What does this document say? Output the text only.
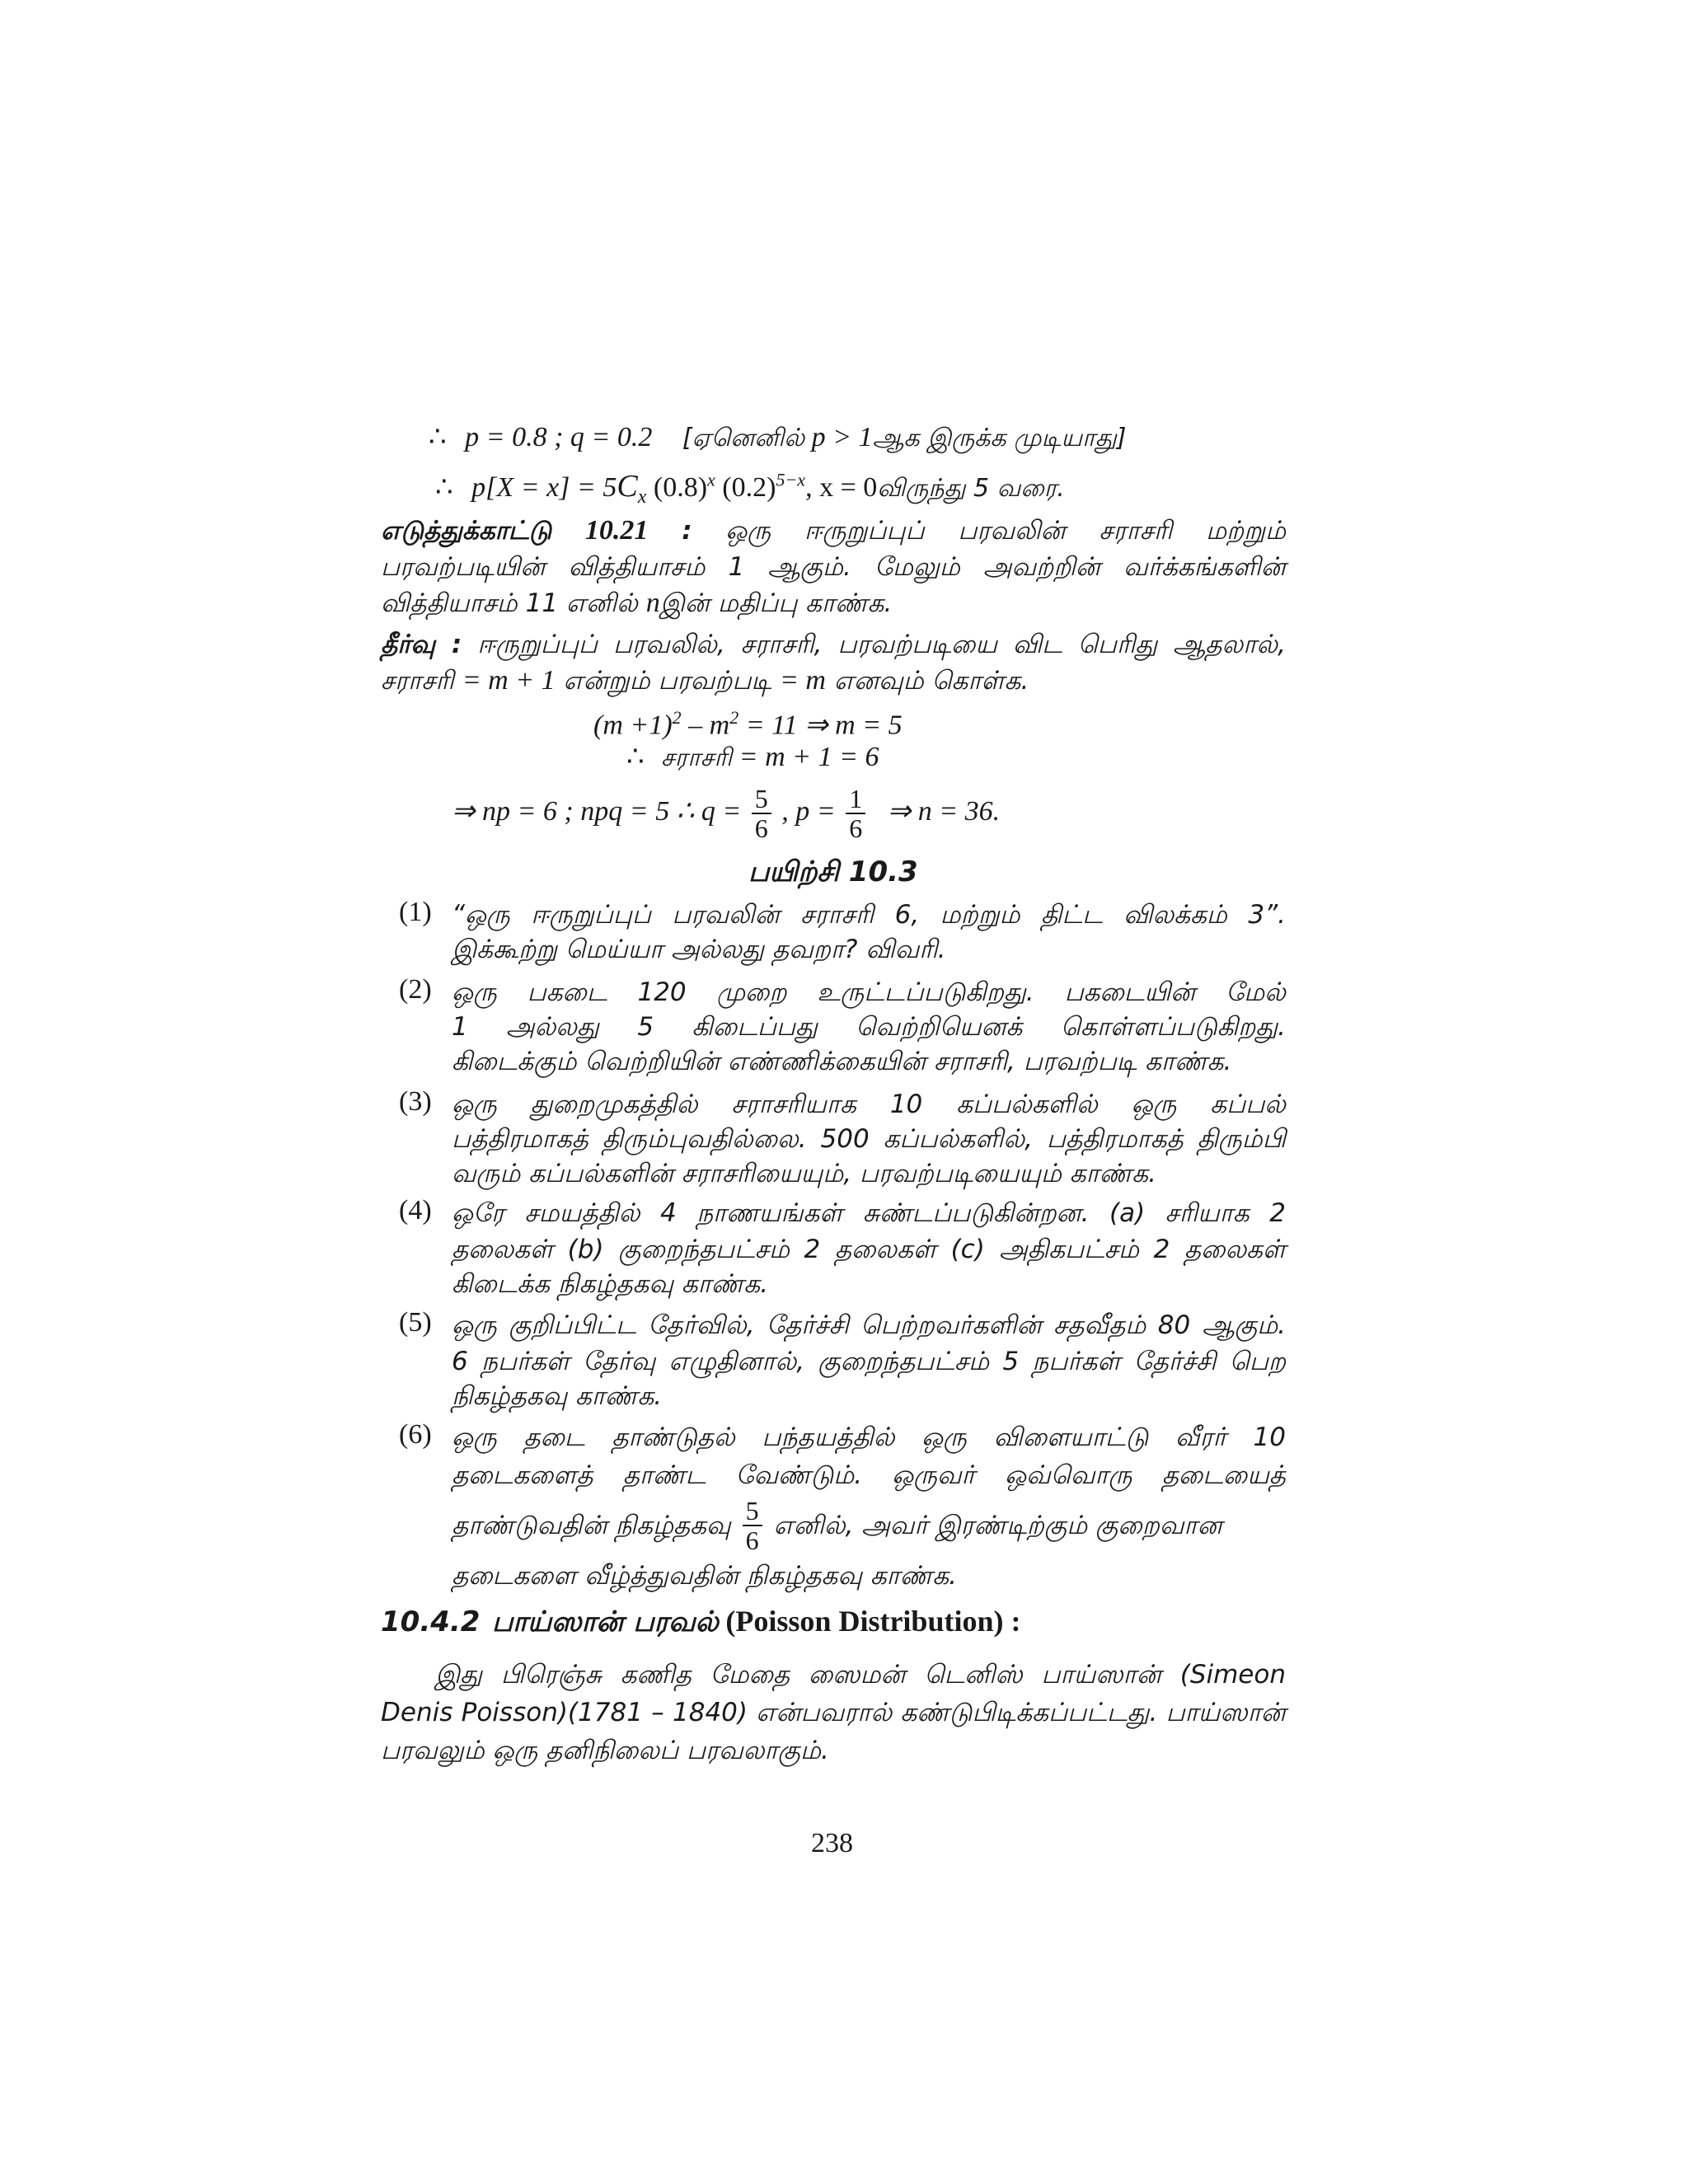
∴ p = 0.8 ; q = 0.2 [ஏனெனில் p > 1ஆக இருக்க முடியாது]
∴ $p[X = x] = 5C_x$ $(0.8)^x$ $(0.2)^{5-x}$, x = 0விருந்து 5 வரை.
எடுத்துக்காட்டு 10.21 : ஒரு ஈருறுப்புப் பரவலின் சராசரி மற்றும்
பரவற்படியின் வித்தியாசம் 1 ஆகும். மேலும் அவற்றின் வர்க்கங்களின்
வித்தியாசம் 11 எனில் nஇன் மதிப்பு காண்க.
தீர்வு : ஈருறுப்புப் பரவலில், சராசரி, பரவற்படியை விட பெரிது ஆதலால்,
சராசரி = m + 1 என்றும் பரவற்படி = m எனவும் கொள்க.
$(m +1)^2 - m^2 = 11$ ⇒ m = 5
∴ சராசரி = m + 1 = 6
⇒ np = 6 ; npq = 5 ∴ $q = \frac{5}{6}$ , $p = \frac{1}{6}$ ⇒ n = 36.
பயிற்சி 10.3
(1) “ஒரு ஈருறுப்புப் பரவலின் சராசரி 6, மற்றும் திட்ட விலக்கம் 3”.
இக்கூற்று மெய்யா அல்லது தவறா? விவரி.
(2) ஒரு பகடை 120 முறை உருட்டப்படுகிறது. பகடையின் மேல்
1 அல்லது 5 கிடைப்பது வெற்றியெனக் கொள்ளப்படுகிறது.
கிடைக்கும் வெற்றியின் எண்ணிக்கையின் சராசரி, பரவற்படி காண்க.
(3) ஒரு துறைமுகத்தில் சராசரியாக 10 கப்பல்களில் ஒரு கப்பல்
பத்திரமாகத் திரும்புவதில்லை. 500 கப்பல்களில், பத்திரமாகத் திரும்பி
வரும் கப்பல்களின் சராசரியையும், பரவற்படியையும் காண்க.
(4) ஒரே சமயத்தில் 4 நாணயங்கள் சுண்டப்படுகின்றன. (a) சரியாக 2
தலைகள் (b) குறைந்தபட்சம் 2 தலைகள் (c) அதிகபட்சம் 2 தலைகள்
கிடைக்க நிகழ்தகவு காண்க.
(5) ஒரு குறிப்பிட்ட தேர்வில், தேர்ச்சி பெற்றவர்களின் சதவீதம் 80 ஆகும்.
6 நபர்கள் தேர்வு எழுதினால், குறைந்தபட்சம் 5 நபர்கள் தேர்ச்சி பெற
நிகழ்தகவு காண்க.
(6) ஒரு தடை தாண்டுதல் பந்தயத்தில் ஒரு விளையாட்டு வீரர் 10
தடைகளைத் தாண்ட வேண்டும். ஒருவர் ஒவ்வொரு தடையைத்
தாண்டுவதின் நிகழ்தகவு $\frac{5}{6}$ எனில், அவர் இரண்டிற்கும் குறைவான
தடைகளை வீழ்த்துவதின் நிகழ்தகவு காண்க.
10.4.2 பாய்ஸான் பரவல் (Poisson Distribution) :
இது பிரெஞ்சு கணித மேதை ஸைமன் டெனிஸ் பாய்ஸான் (Simeon
Denis Poisson)(1781 – 1840) என்பவரால் கண்டுபிடிக்கப்பட்டது. பாய்ஸான்
பரவலும் ஒரு தனிநிலைப் பரவலாகும்.
238
